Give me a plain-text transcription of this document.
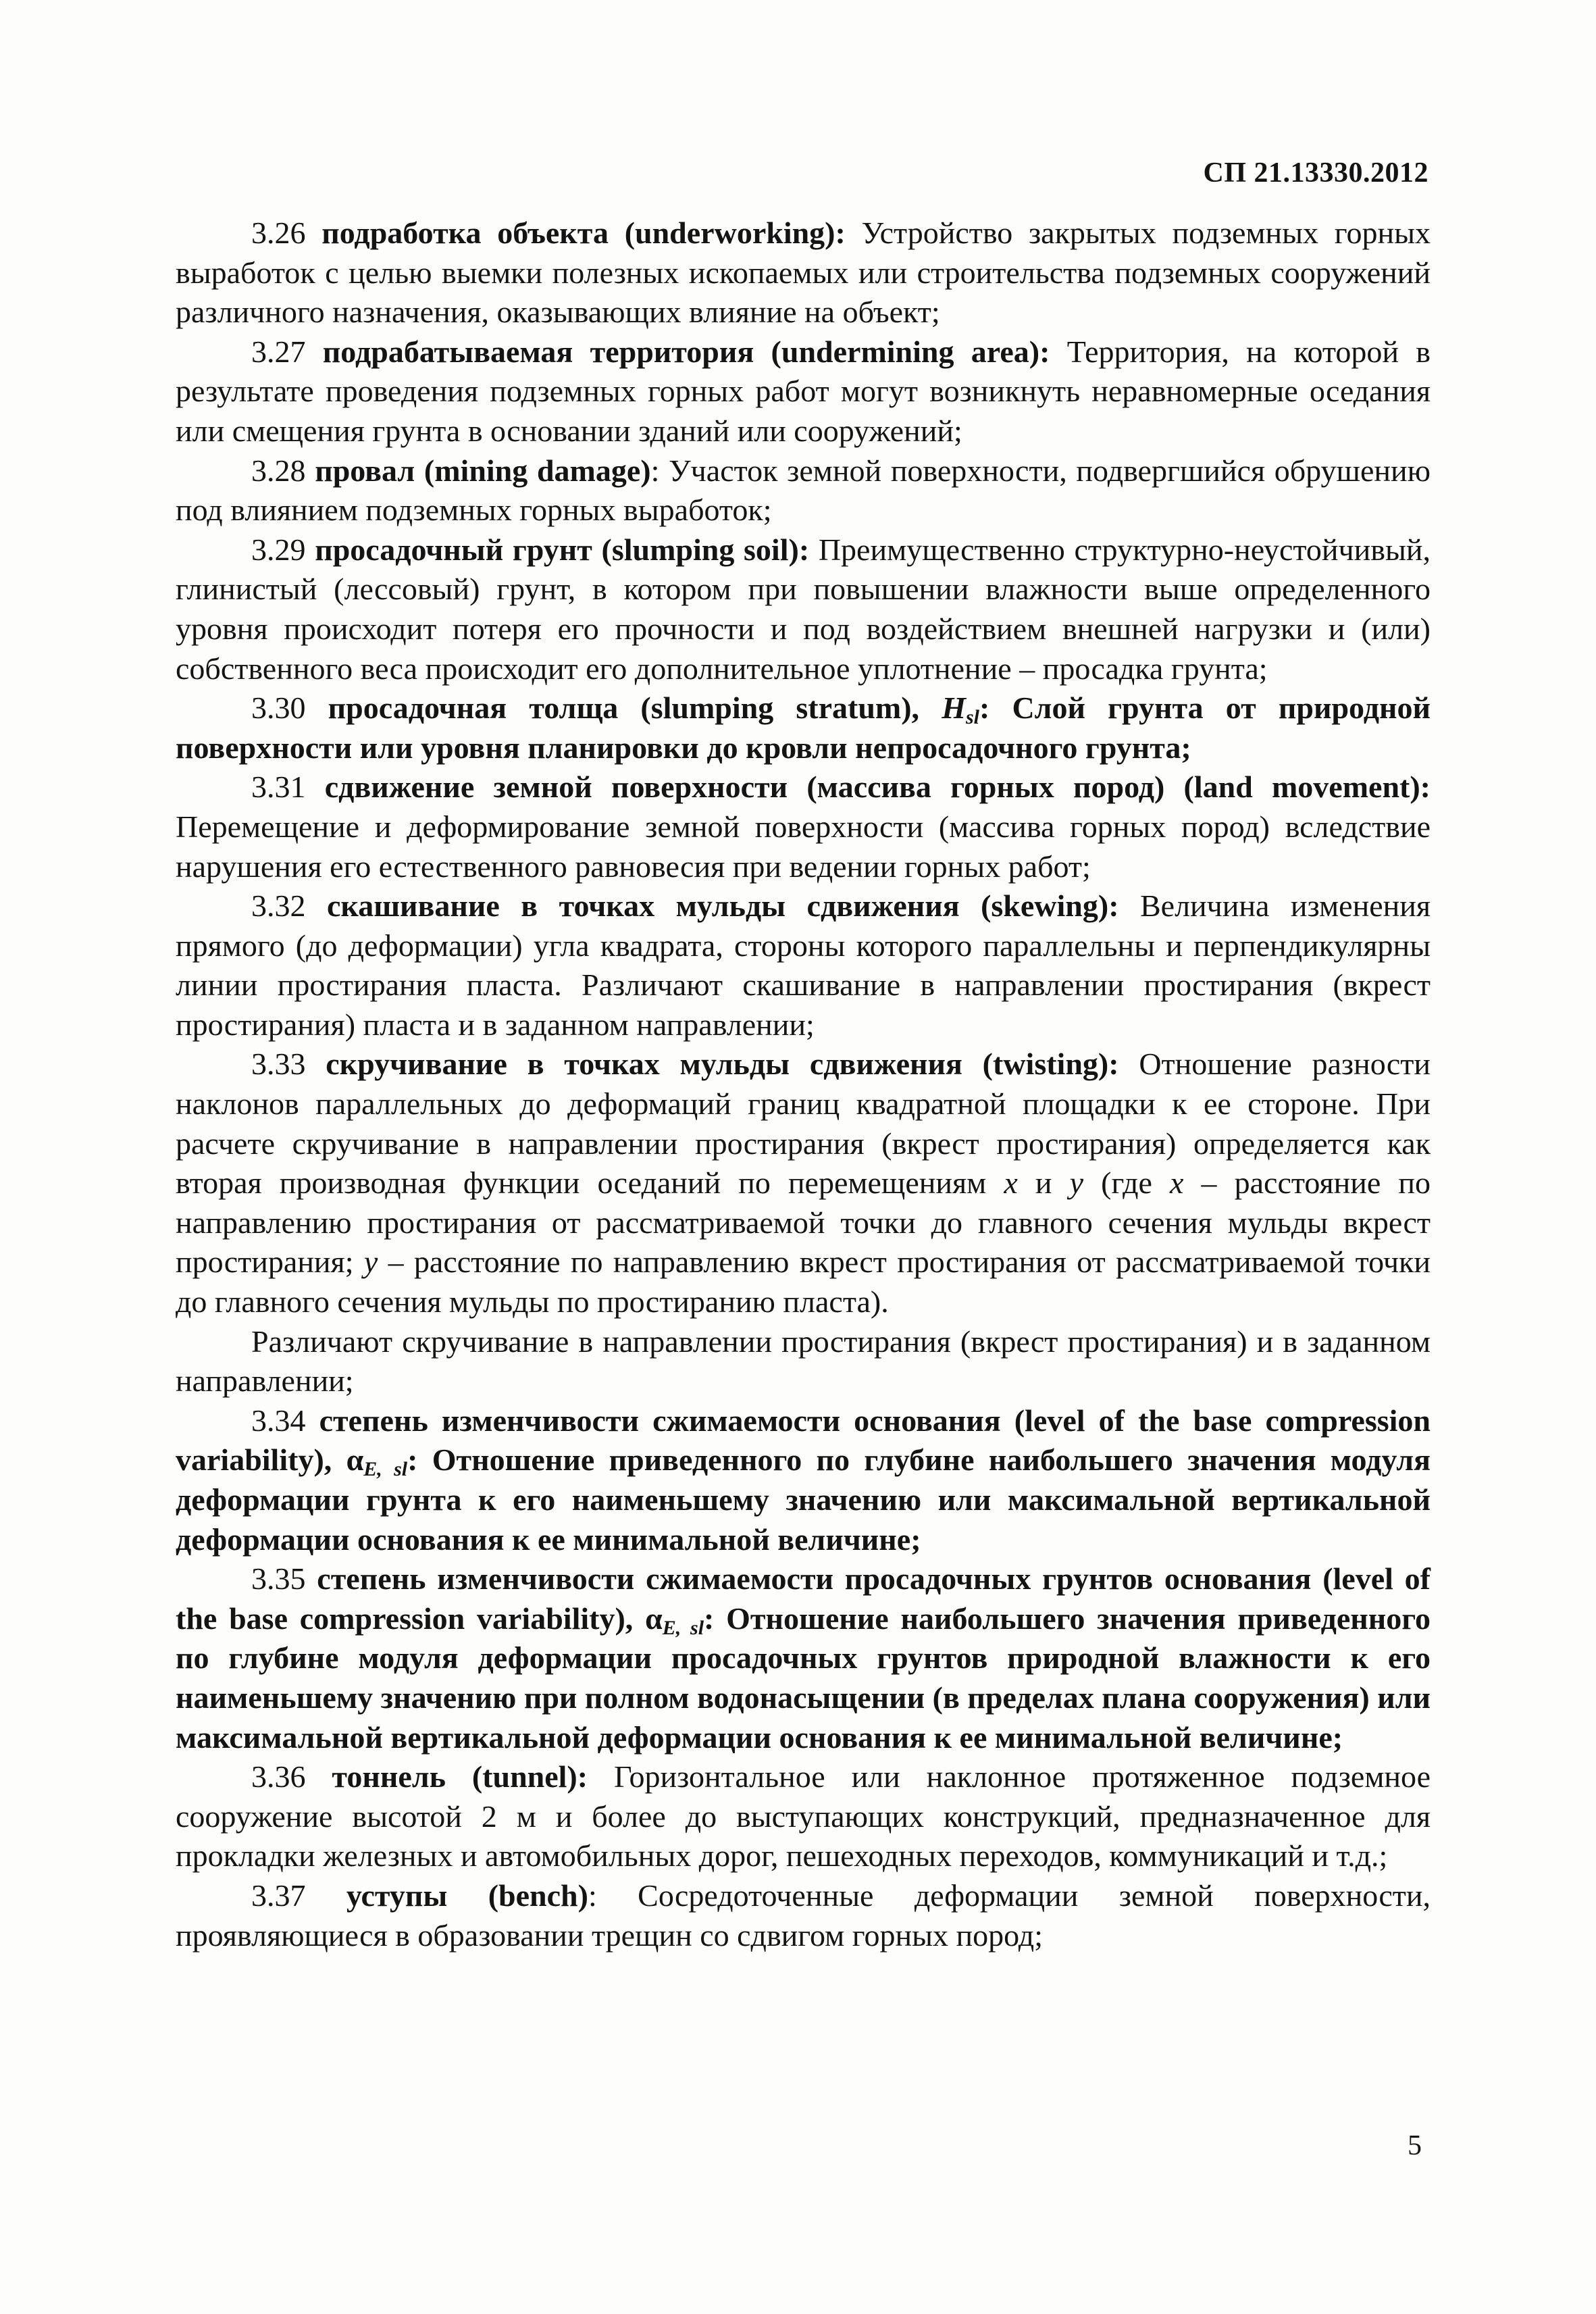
СП 21.13330.2012

3.26 подработка объекта (underworking): Устройство закрытых подземных горных выработок с целью выемки полезных ископаемых или строительства подземных сооружений различного назначения, оказывающих влияние на объект;

3.27 подрабатываемая территория (undermining area): Территория, на которой в результате проведения подземных горных работ могут возникнуть неравномерные оседания или смещения грунта в основании зданий или сооружений;

3.28 провал (mining damage): Участок земной поверхности, подвергшийся обрушению под влиянием подземных горных выработок;

3.29 просадочный грунт (slumping soil): Преимущественно структурно-неустойчивый, глинистый (лессовый) грунт, в котором при повышении влажности выше определенного уровня происходит потеря его прочности и под воздействием внешней нагрузки и (или) собственного веса происходит его дополнительное уплотнение – просадка грунта;

3.30 просадочная толща (slumping stratum), $H_{sl}$: Слой грунта от природной поверхности или уровня планировки до кровли непросадочного грунта;

3.31 сдвижение земной поверхности (массива горных пород) (land movement): Перемещение и деформирование земной поверхности (массива горных пород) вследствие нарушения его естественного равновесия при ведении горных работ;

3.32 скашивание в точках мульды сдвижения (skewing): Величина изменения прямого (до деформации) угла квадрата, стороны которого параллельны и перпендикулярны линии простирания пласта. Различают скашивание в направлении простирания (вкрест простирания) пласта и в заданном направлении;

3.33 скручивание в точках мульды сдвижения (twisting): Отношение разности наклонов параллельных до деформаций границ квадратной площадки к ее стороне. При расчете скручивание в направлении простирания (вкрест простирания) определяется как вторая производная функции оседаний по перемещениям x и y (где x – расстояние по направлению простирания от рассматриваемой точки до главного сечения мульды вкрест простирания; y – расстояние по направлению вкрест простирания от рассматриваемой точки до главного сечения мульды по простиранию пласта).

Различают скручивание в направлении простирания (вкрест простирания) и в заданном направлении;

3.34 степень изменчивости сжимаемости основания (level of the base compression variability), $\alpha_{E, sl}$: Отношение приведенного по глубине наибольшего значения модуля деформации грунта к его наименьшему значению или максимальной вертикальной деформации основания к ее минимальной величине;

3.35 степень изменчивости сжимаемости просадочных грунтов основания (level of the base compression variability), $\alpha_{E, sl}$: Отношение наибольшего значения приведенного по глубине модуля деформации просадочных грунтов природной влажности к его наименьшему значению при полном водонасыщении (в пределах плана сооружения) или максимальной вертикальной деформации основания к ее минимальной величине;

3.36 тоннель (tunnel): Горизонтальное или наклонное протяженное подземное сооружение высотой 2 м и более до выступающих конструкций, предназначенное для прокладки железных и автомобильных дорог, пешеходных переходов, коммуникаций и т.д.;

3.37 уступы (bench): Сосредоточенные деформации земной поверхности, проявляющиеся в образовании трещин со сдвигом горных пород;

5
